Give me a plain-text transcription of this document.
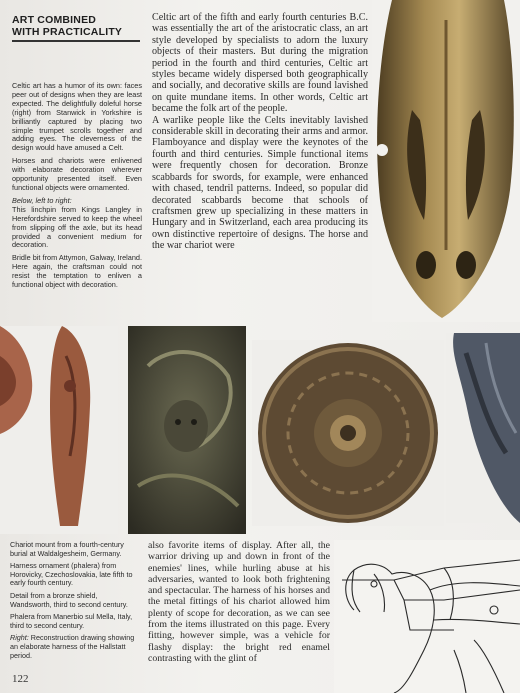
ART COMBINED
WITH PRACTICALITY

Celtic art has a humor of its own: faces peer out of designs when they are least expected. The delightfully doleful horse (right) from Stanwick in Yorkshire is brilliantly captured by placing two simple trumpet scrolls together and adding eyes. The cleverness of the design would have amused a Celt.

Horses and chariots were enlivened with elaborate decoration wherever opportunity presented itself. Even functional objects were ornamented.

Below, left to right:

This linchpin from Kings Langley in Herefordshire served to keep the wheel from slipping off the axle, but its head provided a convenient medium for decoration.

Bridle bit from Attymon, Galway, Ireland. Here again, the craftsman could not resist the temptation to enliven a functional object with decoration.

Celtic art of the fifth and early fourth centuries B.C. was essentially the art of the aristocratic class, an art style developed by specialists to adorn the luxury objects of their masters. But during the migration period in the fourth and third centuries, Celtic art styles became widely dispersed both geographically and socially, and decorative skills are found lavished on quite mundane items. In other words, Celtic art became the folk art of the people.

A warlike people like the Celts inevitably lavished considerable skill in decorating their arms and armor. Flamboyance and display were the keynotes of the fourth and third centuries. Simple functional items were frequently chosen for decoration. Bronze scabbards for swords, for example, were enhanced with chased, tendril patterns. Indeed, so popular did decorated scabbards become that schools of craftsmen grew up specializing in these matters in Hungary and in Switzerland, each area producing its own distinctive repertoire of designs. The horse and the war chariot were

Chariot mount from a fourth-century burial at Waldalgesheim, Germany.

Harness ornament (phalera) from Horovicky, Czechoslovakia, late fifth to early fourth century.

Detail from a bronze shield, Wandsworth, third to second century.

Phalera from Manerbio sul Mella, Italy, third to second century.

Right: Reconstruction drawing showing an elaborate harness of the Hallstatt period.

also favorite items of display. After all, the warrior driving up and down in front of the enemies' lines, while hurling abuse at his adversaries, wanted to look both frightening and spectacular. The harness of his horses and the metal fittings of his chariot allowed him plenty of scope for decoration, as we can see from the items illustrated on this page. Every fitting, however simple, was a vehicle for flashy display: the bright red enamel contrasting with the glint of

122
